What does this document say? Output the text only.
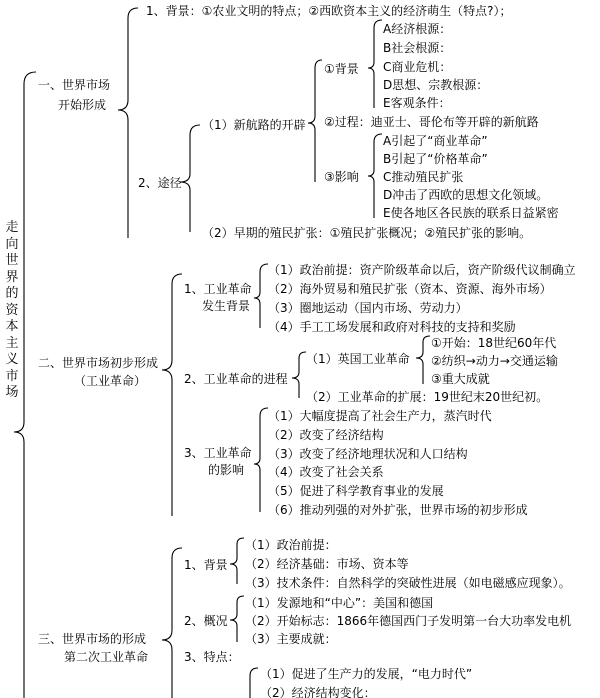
走向世界的资本主义市场
一、世界市场
开始形成
1、背景：①农业文明的特点；②西欧资本主义的经济萌生（特点?）；
2、途径
（1）新航路的开辟
①背景
A经济根源：
B社会根源：
C商业危机：
D思想、宗教根源：
E客观条件：
②过程：迪亚士、哥伦布等开辟的新航路
③影响
A引起了“商业革命”
B引起了“价格革命”
C推动殖民扩张
D冲击了西欧的思想文化领域。
E使各地区各民族的联系日益紧密
（2）早期的殖民扩张：①殖民扩张概况；②殖民扩张的影响。
二、世界市场初步形成
（工业革命）
1、工业革命
发生背景
（1）政治前提：资产阶级革命以后，资产阶级代议制确立
（2）海外贸易和殖民扩张（资本、资源、海外市场）
（3）圈地运动（国内市场、劳动力）
（4）手工工场发展和政府对科技的支持和奖励
2、工业革命的进程
（1）英国工业革命
①开始：18世纪60年代
②纺织→动力→交通运输
③重大成就
（2）工业革命的扩展：19世纪末20世纪初。
3、工业革命
的影响
（1）大幅度提高了社会生产力，蒸汽时代
（2）改变了经济结构
（3）改变了经济地理状况和人口结构
（4）改变了社会关系
（5）促进了科学教育事业的发展
（6）推动列强的对外扩张，世界市场的初步形成
三、世界市场的形成
第二次工业革命
1、背景
（1）政治前提：
（2）经济基础：市场、资本等
（3）技术条件：自然科学的突破性进展（如电磁感应现象）。
2、概况
（1）发源地和“中心”：美国和德国
（2）开始标志：1866年德国西门子发明第一台大功率发电机
（3）主要成就：
3、特点：
（1）促进了生产力的发展，“电力时代”
（2）经济结构变化：
